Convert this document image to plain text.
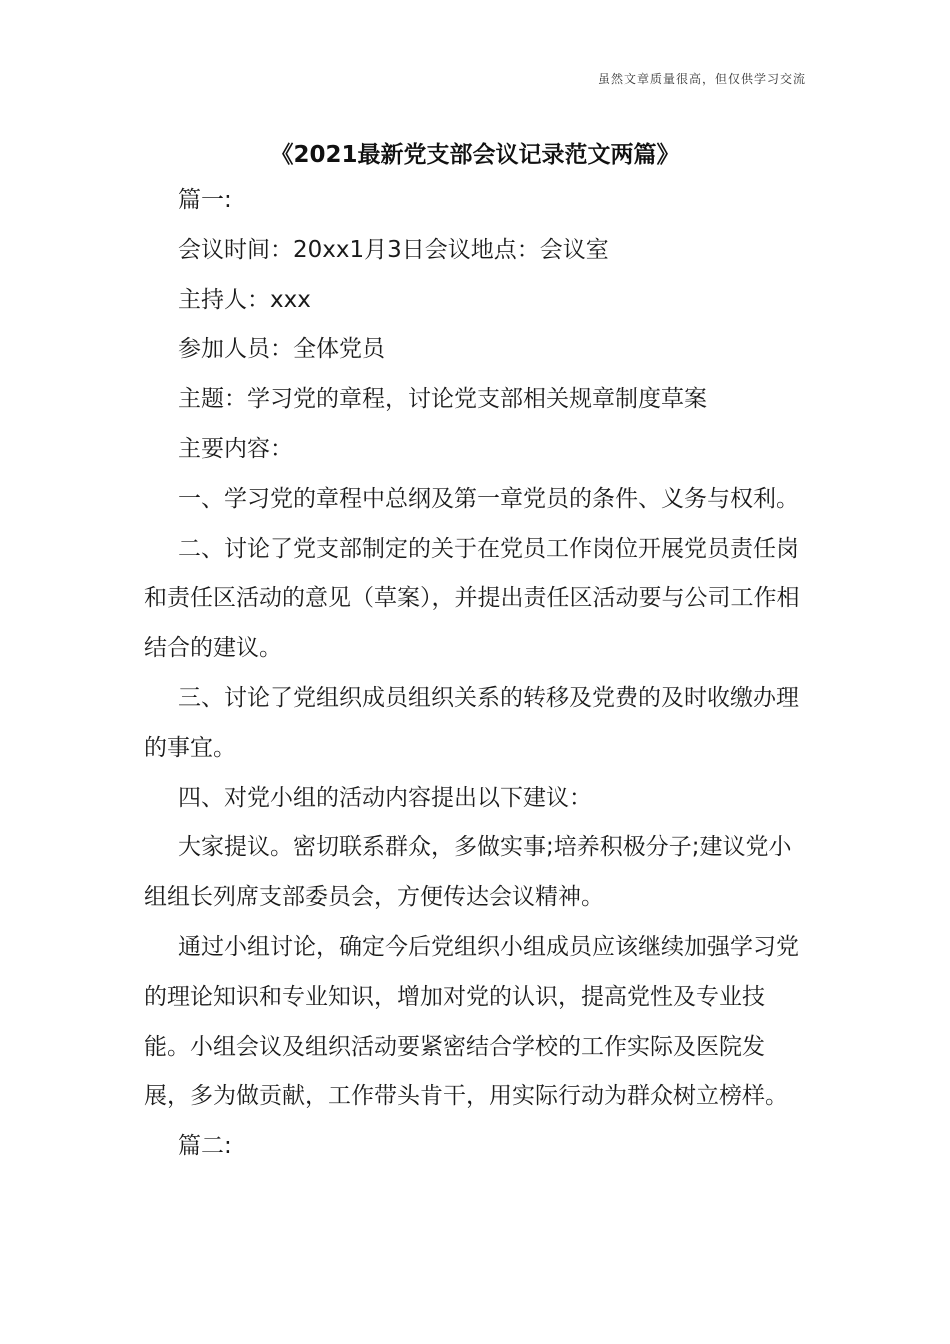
虽然文章质量很高，但仅供学习交流
《2021最新党支部会议记录范文两篇》

篇一:

会议时间：20xx1月3日会议地点：会议室

主持人：xxx

参加人员：全体党员

主题：学习党的章程，讨论党支部相关规章制度草案

主要内容：

一、学习党的章程中总纲及第一章党员的条件、义务与权利。

二、讨论了党支部制定的关于在党员工作岗位开展党员责任岗和责任区活动的意见（草案），并提出责任区活动要与公司工作相结合的建议。

三、讨论了党组织成员组织关系的转移及党费的及时收缴办理的事宜。

四、对党小组的活动内容提出以下建议：

大家提议。密切联系群众，多做实事;培养积极分子;建议党小组组长列席支部委员会，方便传达会议精神。

通过小组讨论，确定今后党组织小组成员应该继续加强学习党的理论知识和专业知识，增加对党的认识，提高党性及专业技能。小组会议及组织活动要紧密结合学校的工作实际及医院发展，多为做贡献，工作带头肯干，用实际行动为群众树立榜样。

篇二:
